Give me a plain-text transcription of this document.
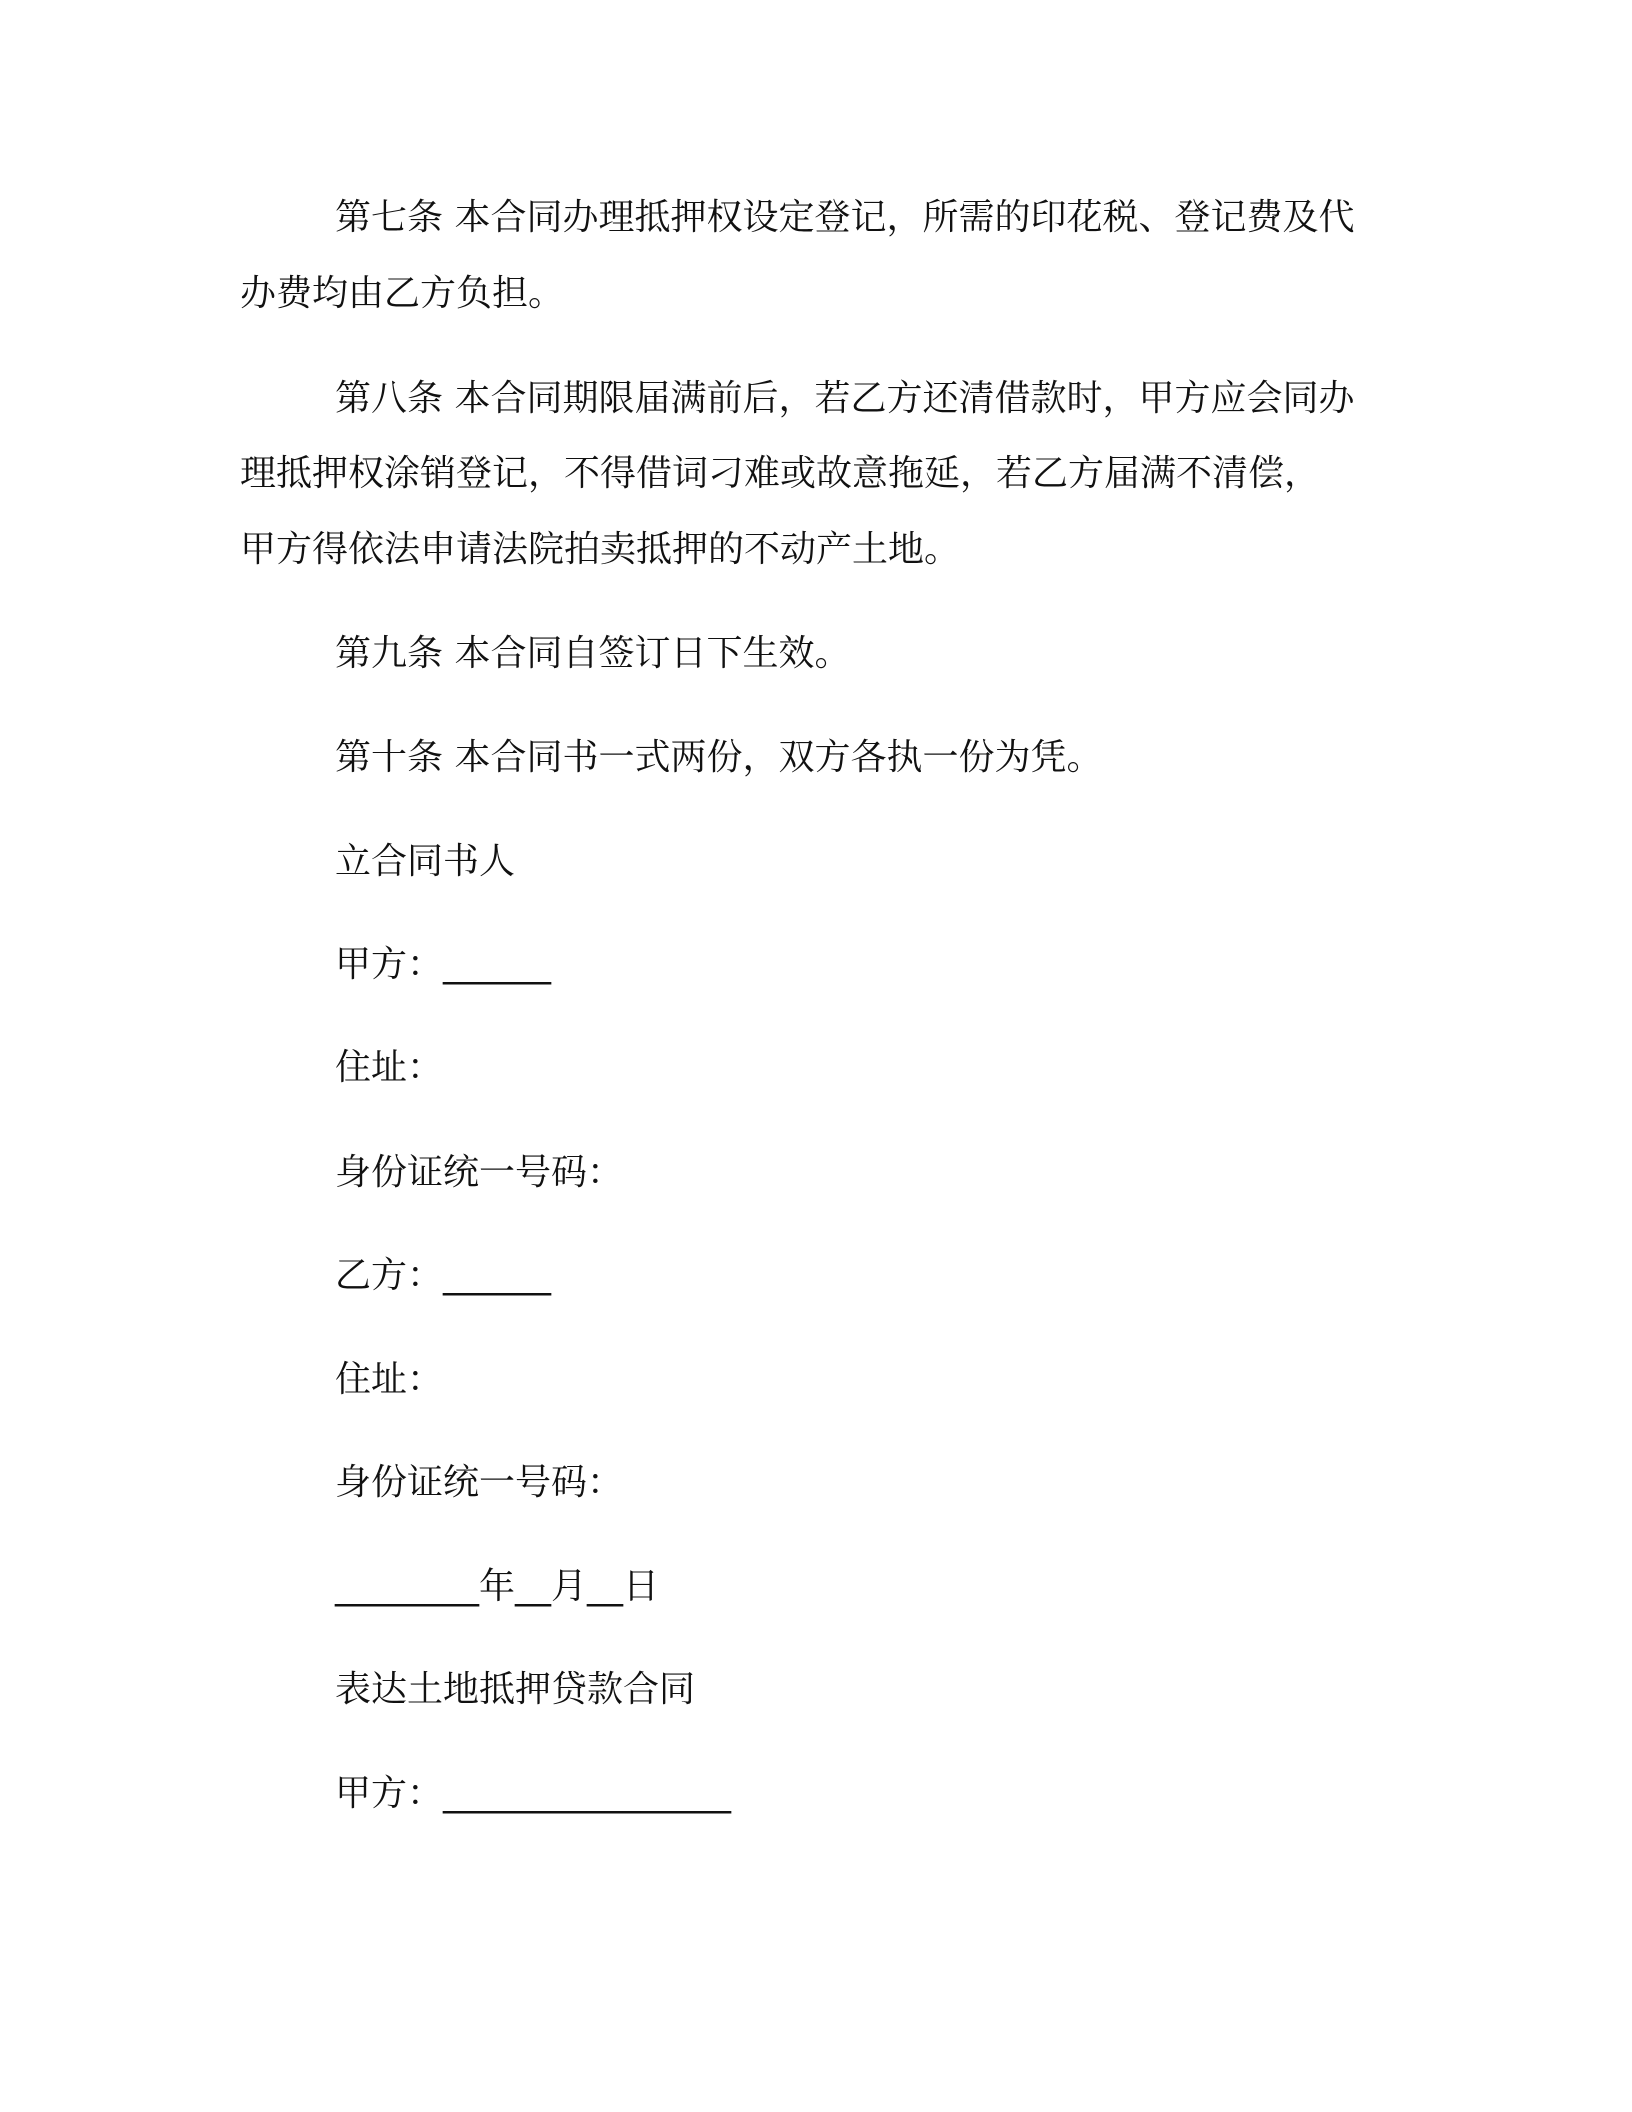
第七条 本合同办理抵押权设定登记，所需的印花税、登记费及代
办费均由乙方负担。
第八条 本合同期限届满前后，若乙方还清借款时，甲方应会同办
理抵押权涂销登记，不得借词刁难或故意拖延，若乙方届满不清偿，
甲方得依法申请法院拍卖抵押的不动产土地。
第九条 本合同自签订日下生效。
第十条 本合同书一式两份，双方各执一份为凭。
立合同书人
甲方：______
住址：
身份证统一号码：
乙方：______
住址：
身份证统一号码：
________年__月__日
表达土地抵押贷款合同
甲方：________________
